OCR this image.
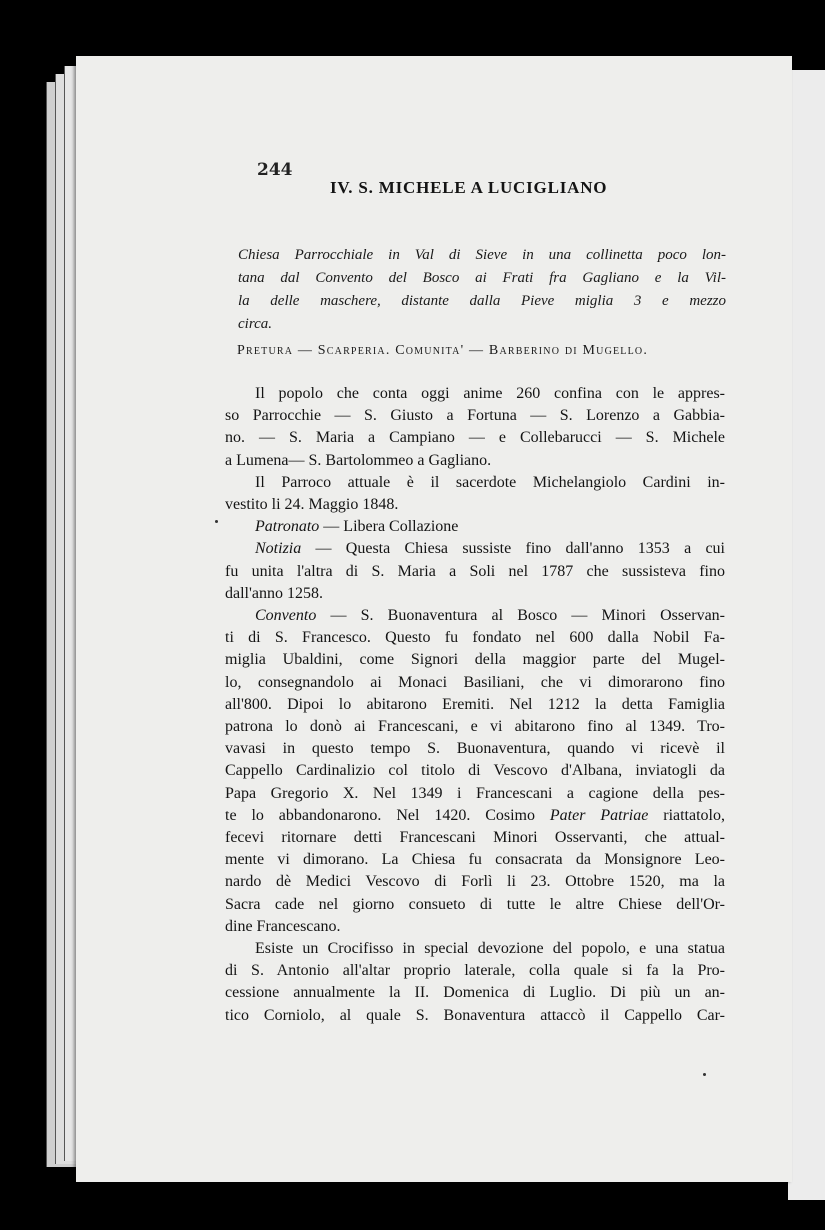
244
IV. S. MICHELE A LUCIGLIANO
Chiesa Parrocchiale in Val di Sieve in una collinetta poco lon-
tana dal Convento del Bosco ai Frati fra Gagliano e la Vil-
la delle maschere, distante dalla Pieve miglia 3 e mezzo
circa.
Pretura — Scarperia. Comunita' — Barberino di Mugello.
Il popolo che conta oggi anime 260 confina con le appres-
so Parrocchie — S. Giusto a Fortuna — S. Lorenzo a Gabbia-
no. — S. Maria a Campiano — e Collebarucci — S. Michele
a Lumena— S. Bartolommeo a Gagliano.
Il Parroco attuale è il sacerdote Michelangiolo Cardini in-
vestito li 24. Maggio 1848.
Patronato — Libera Collazione
Notizia — Questa Chiesa sussiste fino dall'anno 1353 a cui
fu unita l'altra di S. Maria a Soli nel 1787 che sussisteva fino
dall'anno 1258.
Convento — S. Buonaventura al Bosco — Minori Osservan-
ti di S. Francesco. Questo fu fondato nel 600 dalla Nobil Fa-
miglia Ubaldini, come Signori della maggior parte del Mugel-
lo, consegnandolo ai Monaci Basiliani, che vi dimorarono fino
all'800. Dipoi lo abitarono Eremiti. Nel 1212 la detta Famiglia
patrona lo donò ai Francescani, e vi abitarono fino al 1349. Tro-
vavasi in questo tempo S. Buonaventura, quando vi ricevè il
Cappello Cardinalizio col titolo di Vescovo d'Albana, inviatogli da
Papa Gregorio X. Nel 1349 i Francescani a cagione della pes-
te lo abbandonarono. Nel 1420. Cosimo Pater Patriae riattatolo,
fecevi ritornare detti Francescani Minori Osservanti, che attual-
mente vi dimorano. La Chiesa fu consacrata da Monsignore Leo-
nardo dè Medici Vescovo di Forlì li 23. Ottobre 1520, ma la
Sacra cade nel giorno consueto di tutte le altre Chiese dell'Or-
dine Francescano.
Esiste un Crocifisso in special devozione del popolo, e una statua
di S. Antonio all'altar proprio laterale, colla quale si fa la Pro-
cessione annualmente la II. Domenica di Luglio. Di più un an-
tico Corniolo, al quale S. Bonaventura attaccò il Cappello Car-
